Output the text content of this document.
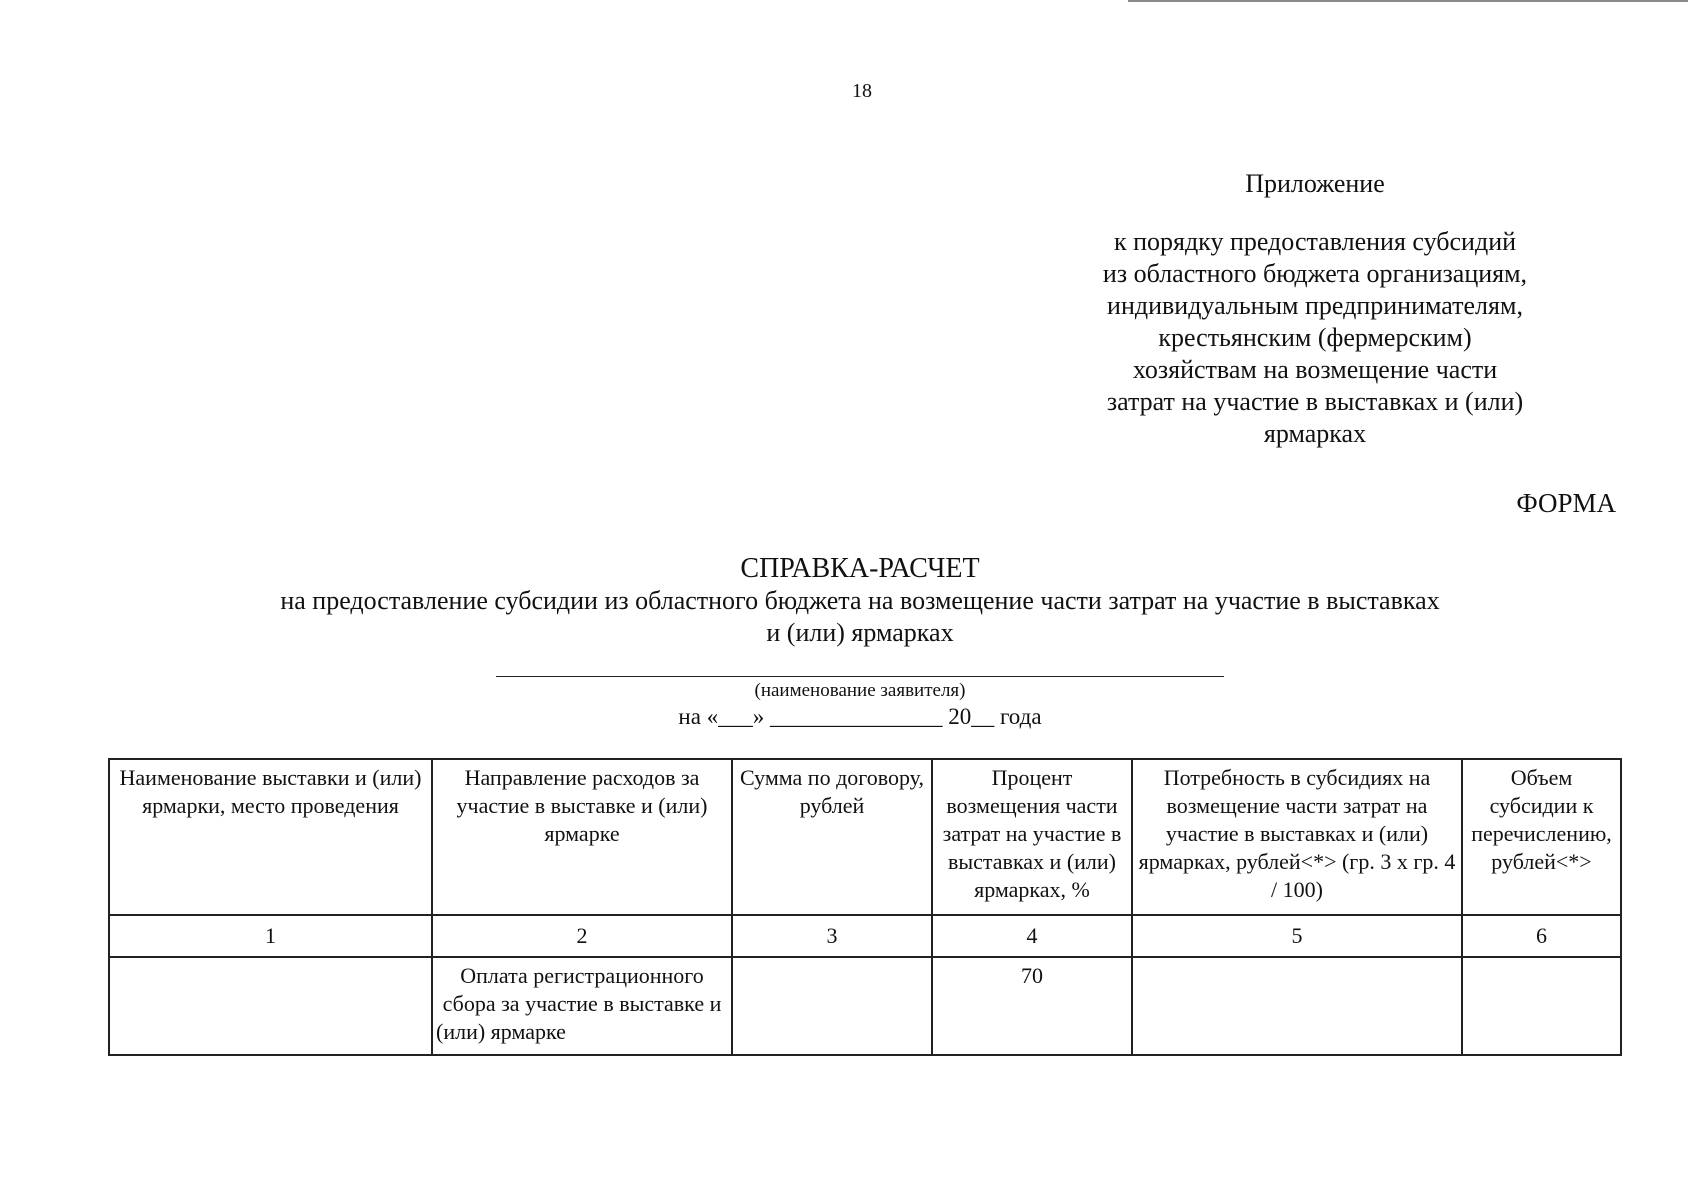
18
Приложение
к порядку предоставления субсидий
из областного бюджета организациям,
индивидуальным предпринимателям,
крестьянским (фермерским)
хозяйствам на возмещение части
затрат на участие в выставках и (или)
ярмарках
ФОРМА
СПРАВКА-РАСЧЕТ
на предоставление субсидии из областного бюджета на возмещение части затрат на участие в выставках
и (или) ярмарках
(наименование заявителя)
на «___» _______________ 20__ года
Наименование выставки и (или) ярмарки, место проведения	Направление расходов за участие в выставке и (или) ярмарке	Сумма по договору, рублей	Процент возмещения части затрат на участие в выставках и (или) ярмарках, %	Потребность в субсидиях на возмещение части затрат на участие в выставках и (или) ярмарках, рублей<*> (гр. 3 х гр. 4 / 100)	Объем субсидии к перечислению, рублей<*>
1	2	3	4	5	6
	Оплата регистрационного сбора за участие в выставке и (или) ярмарке		70		
